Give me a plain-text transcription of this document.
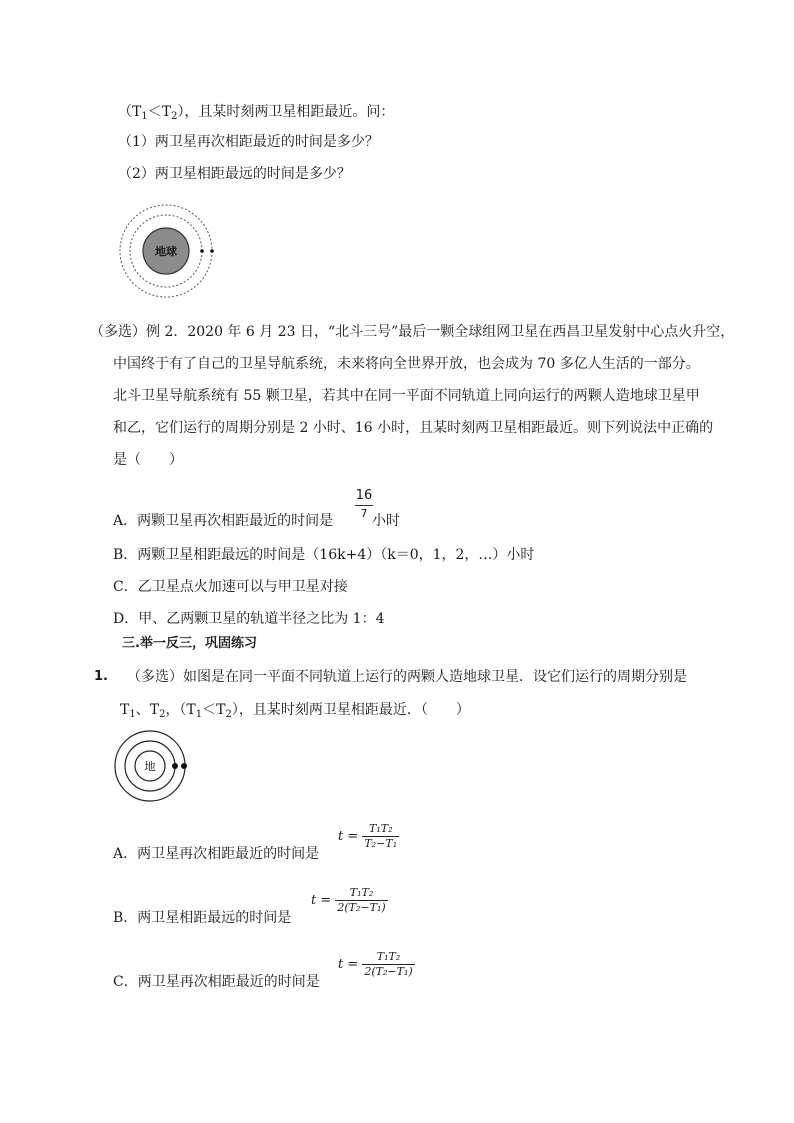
$(T_1<T_2)$，且某时刻两卫星相距最近。问：
（1）两卫星再次相距最近的时间是多少？
（2）两卫星相距最远的时间是多少？
地球
（多选）例 2．2020 年 6 月 23 日，“北斗三号”最后一颗全球组网卫星在西昌卫星发射中心点火升空，
中国终于有了自己的卫星导航系统，未来将向全世界开放，也会成为 70 多亿人生活的一部分。
北斗卫星导航系统有 55 颗卫星，若其中在同一平面不同轨道上同向运行的两颗人造地球卫星甲
和乙，它们运行的周期分别是 2 小时、16 小时，且某时刻两卫星相距最近。则下列说法中正确的
是（　　）
A．两颗卫星再次相距最近的时间是
16
7 小时
B．两颗卫星相距最远的时间是（16k+4）（k＝0，1，2，…）小时
C．乙卫星点火加速可以与甲卫星对接
D．甲、乙两颗卫星的轨道半径之比为 1：4
三.举一反三，巩固练习
1. （多选）如图是在同一平面不同轨道上运行的两颗人造地球卫星．设它们运行的周期分别是
$T_1$、$T_2$，$(T_1<T_2)$，且某时刻两卫星相距最近．（　　）
地
$t = \frac{\text{T₁T₂}}{\text{T₂−T₁}}$
A．两卫星再次相距最近的时间是
$t = \frac{\text{T₁T₂}}{\text{2(T₂−T₁)}}$
B．两卫星相距最远的时间是
$t = \frac{\text{T₁T₂}}{\text{2(T₂−T₁)}}$
C．两卫星再次相距最近的时间是
